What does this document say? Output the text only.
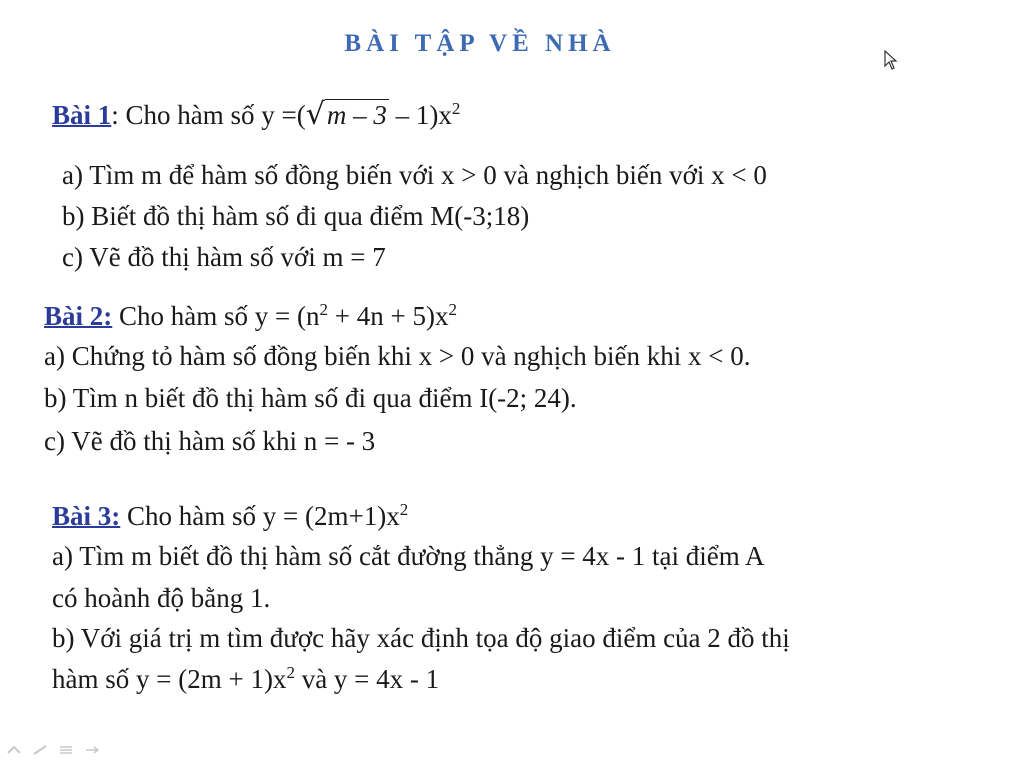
BÀI TẬP VỀ NHÀ
Bài 1: Cho hàm số $y =(√m - 3 - 1)x^2$
a) Tìm m để hàm số đồng biến với x > 0 và nghịch biến với x < 0
b) Biết đồ thị hàm số đi qua điểm M(-3;18)
c) Vẽ đồ thị hàm số với m = 7
Bài 2: Cho hàm số $y = (n^2 + 4n + 5)x^2$
a) Chứng tỏ hàm số đồng biến khi x > 0 và nghịch biến khi x < 0.
b) Tìm n biết đồ thị hàm số đi qua điểm I(-2; 24).
c) Vẽ đồ thị hàm số khi n = - 3
Bài 3: Cho hàm số $y = (2m+1)x^2$
a) Tìm m biết đồ thị hàm số cắt đường thẳng y = 4x - 1 tại điểm A
có hoành độ bằng 1.
b) Với giá trị m tìm được hãy xác định tọa độ giao điểm của 2 đồ thị
hàm số $y = (2m + 1)x^2$ và y = 4x - 1
